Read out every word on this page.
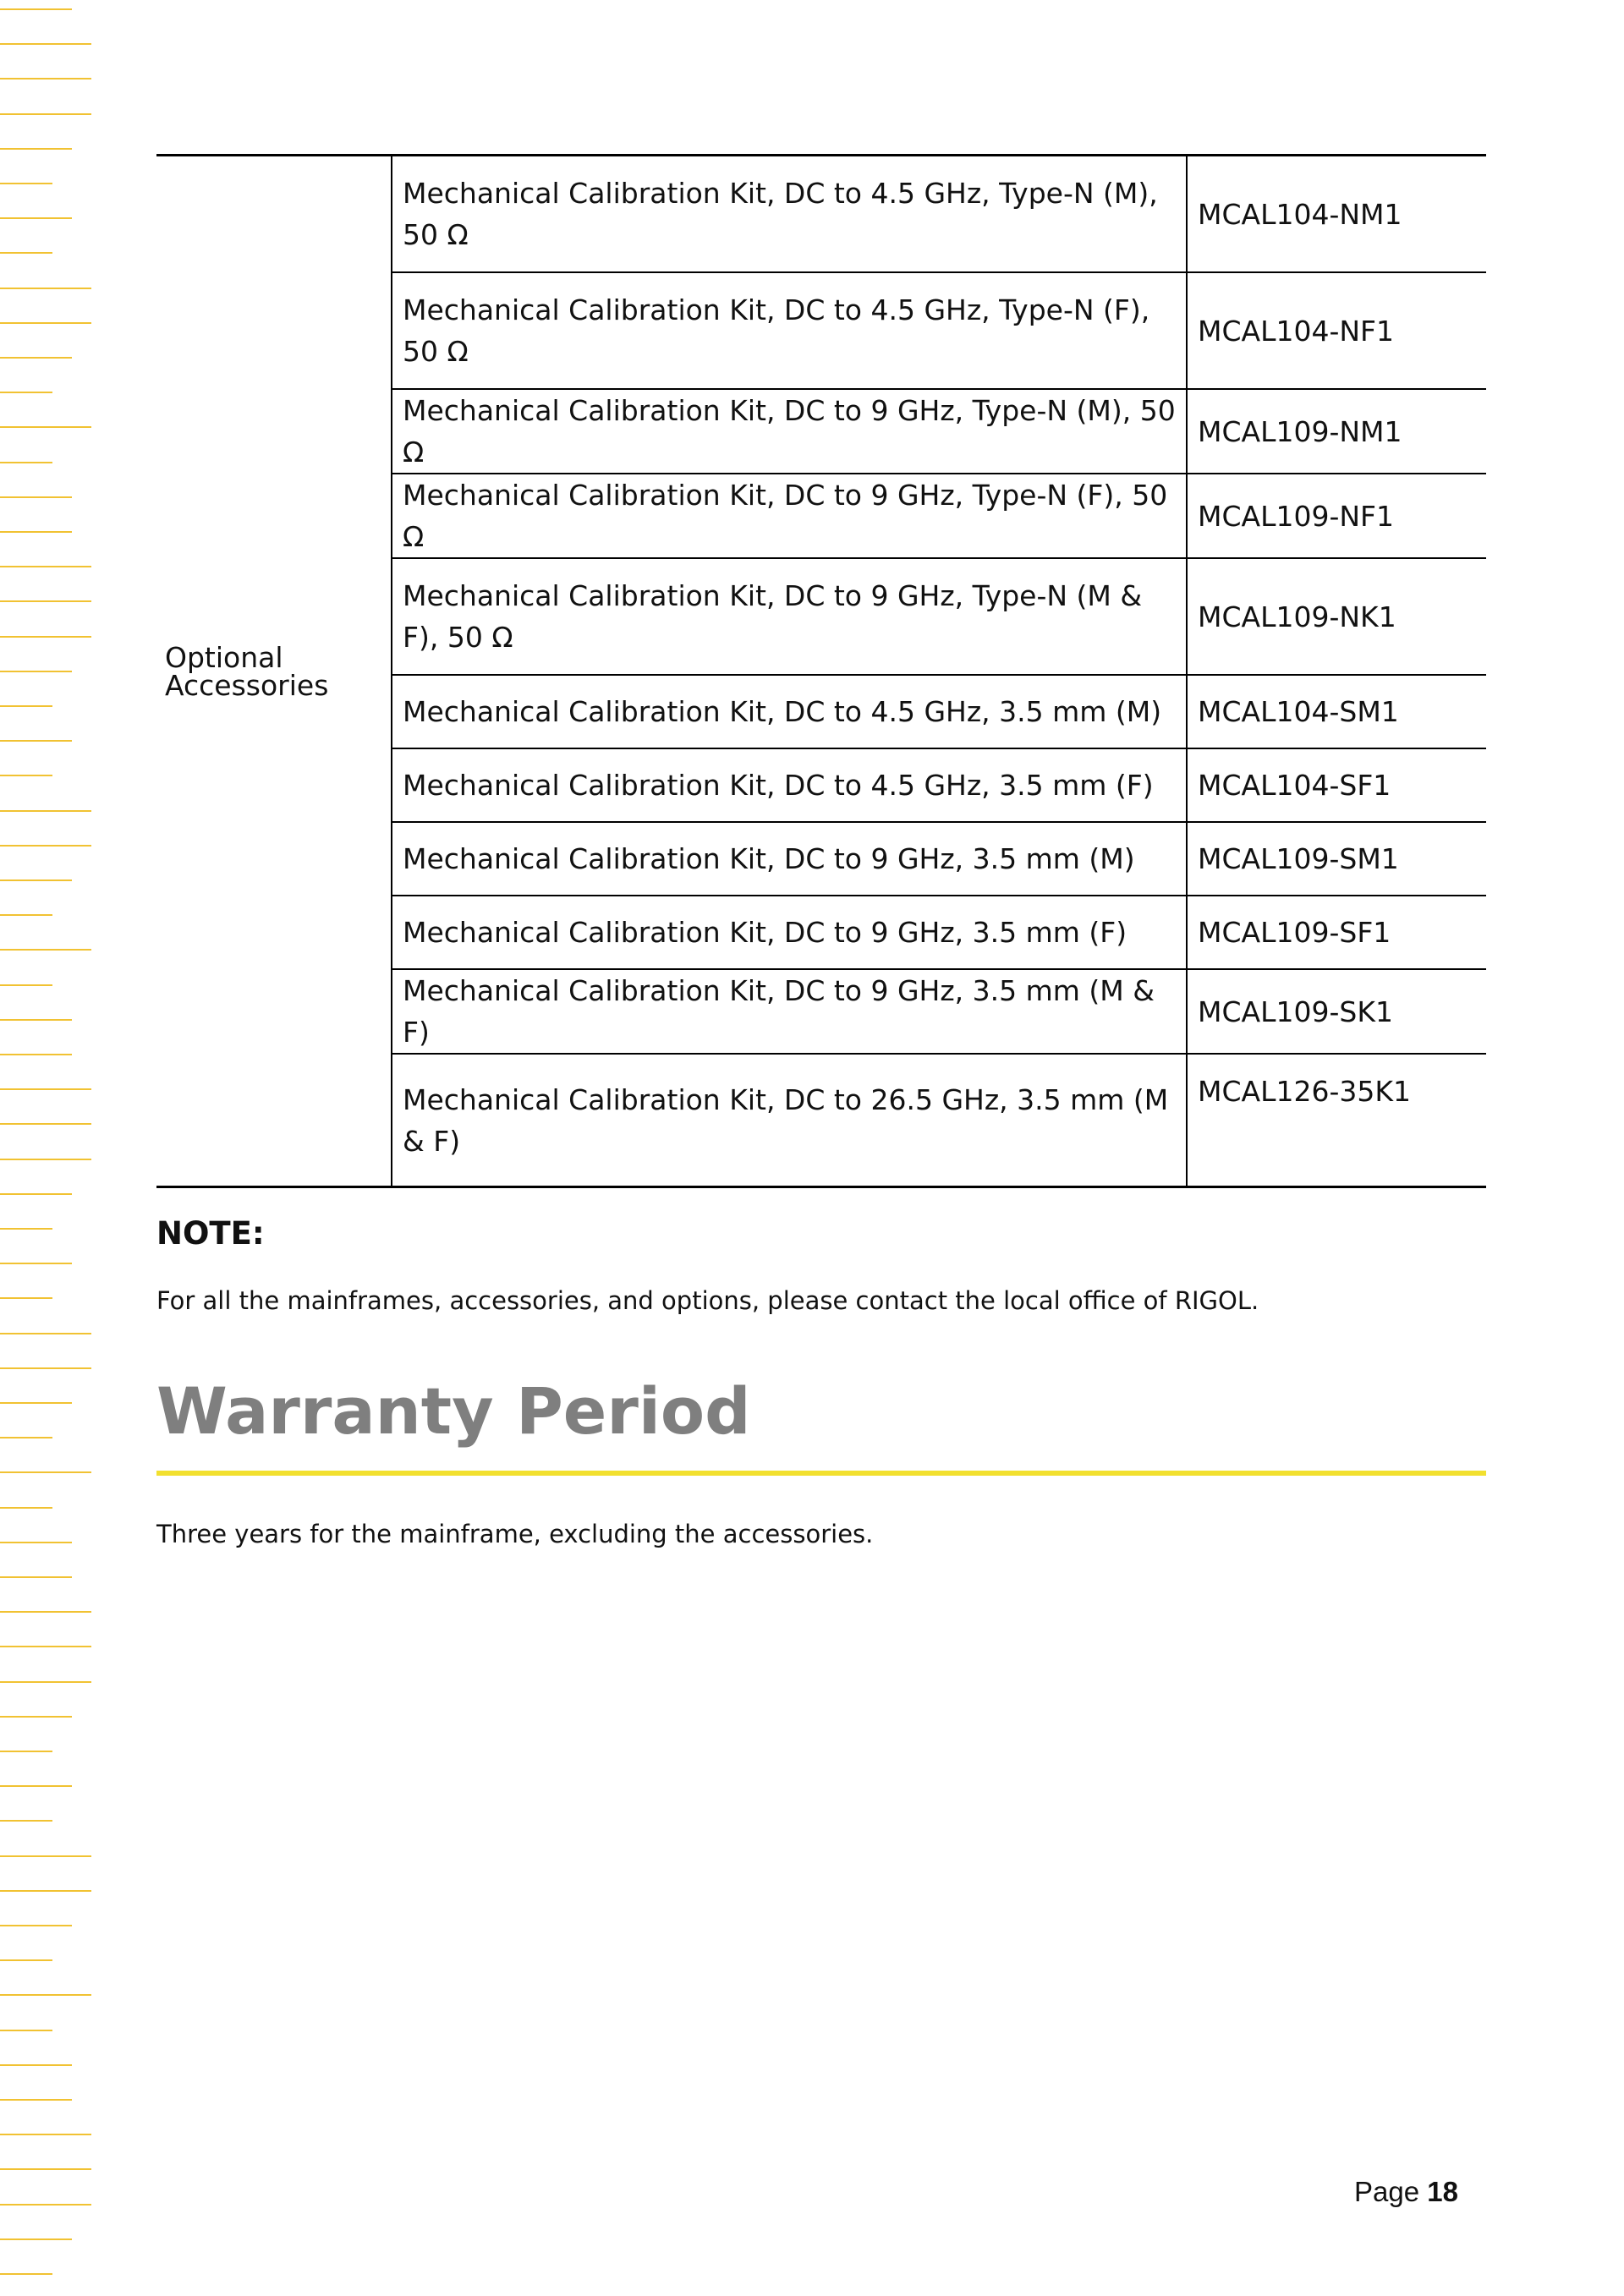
Optional Accessories	Mechanical Calibration Kit, DC to 4.5 GHz, Type-N (M), 50 Ω	MCAL104-NM1
	Mechanical Calibration Kit, DC to 4.5 GHz, Type-N (F), 50 Ω	MCAL104-NF1
	Mechanical Calibration Kit, DC to 9 GHz, Type-N (M), 50 Ω	MCAL109-NM1
	Mechanical Calibration Kit, DC to 9 GHz, Type-N (F), 50 Ω	MCAL109-NF1
	Mechanical Calibration Kit, DC to 9 GHz, Type-N (M & F), 50 Ω	MCAL109-NK1
	Mechanical Calibration Kit, DC to 4.5 GHz, 3.5 mm (M)	MCAL104-SM1
	Mechanical Calibration Kit, DC to 4.5 GHz, 3.5 mm (F)	MCAL104-SF1
	Mechanical Calibration Kit, DC to 9 GHz, 3.5 mm (M)	MCAL109-SM1
	Mechanical Calibration Kit, DC to 9 GHz, 3.5 mm (F)	MCAL109-SF1
	Mechanical Calibration Kit, DC to 9 GHz, 3.5 mm (M & F)	MCAL109-SK1
	Mechanical Calibration Kit, DC to 26.5 GHz, 3.5 mm (M & F)	MCAL126-35K1
NOTE:
For all the mainframes, accessories, and options, please contact the local office of RIGOL.
Warranty Period
Three years for the mainframe, excluding the accessories.
Page 18
